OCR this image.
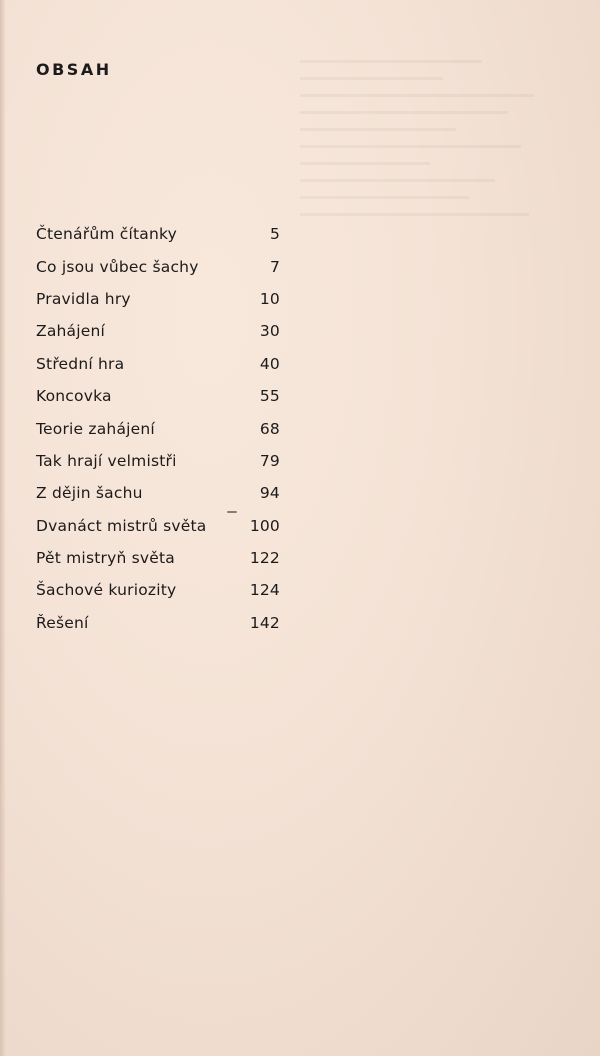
OBSAH
Čtenářům čítanky	5
Co jsou vůbec šachy	7
Pravidla hry	10
Zahájení	30
Střední hra	40
Koncovka	55
Teorie zahájení	68
Tak hrají velmistři	79
Z dějin šachu	94
Dvanáct mistrů světa	100
Pět mistryň světa	122
Šachové kuriozity	124
Řešení	142
